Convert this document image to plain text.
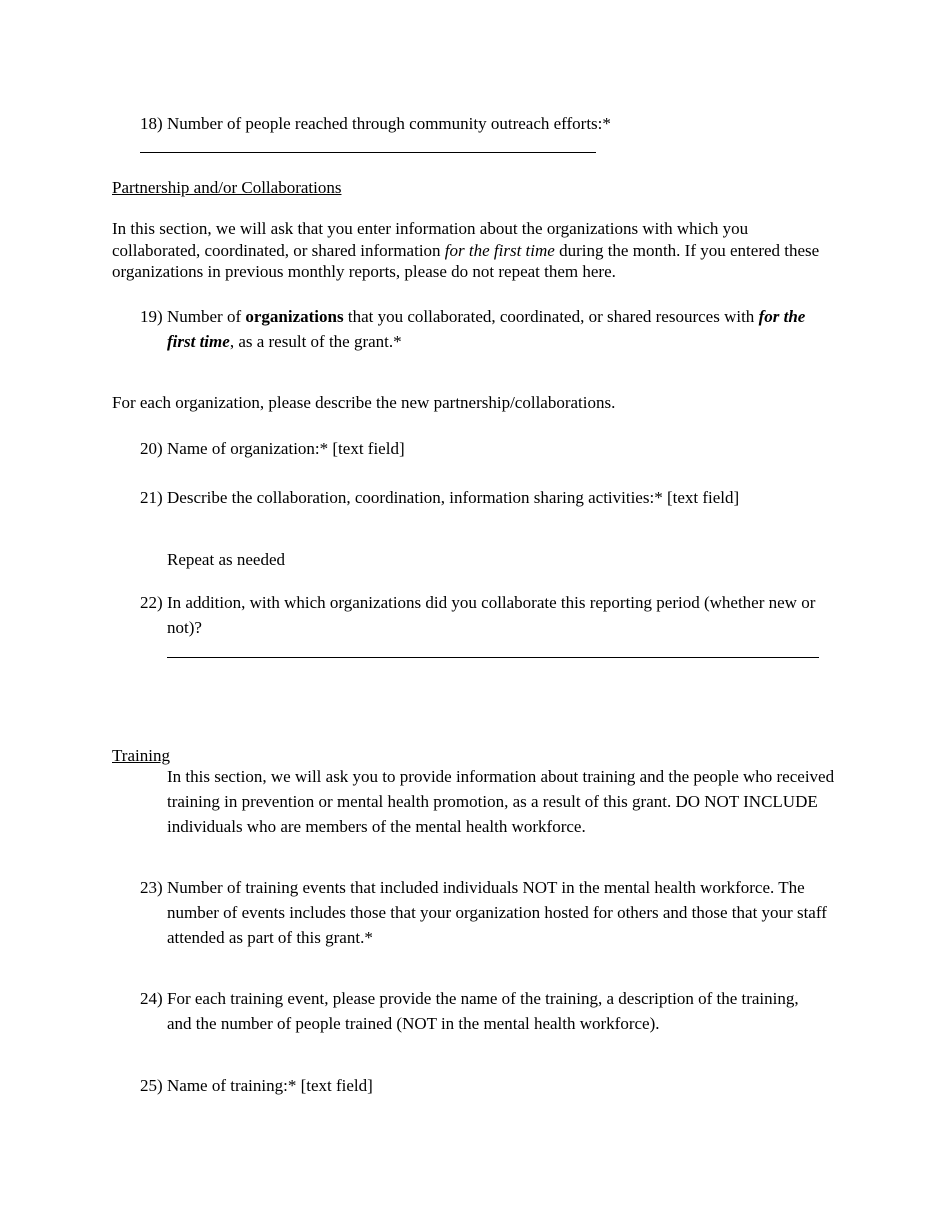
18) Number of people reached through community outreach efforts:*
Partnership and/or Collaborations
In this section, we will ask that you enter information about the organizations with which you collaborated, coordinated, or shared information for the first time during the month. If you entered these organizations in previous monthly reports, please do not repeat them here.
19) Number of organizations that you collaborated, coordinated, or shared resources with for the first time, as a result of the grant.*
For each organization, please describe the new partnership/collaborations.
20) Name of organization:* [text field]
21) Describe the collaboration, coordination, information sharing activities:* [text field]
Repeat as needed
22) In addition, with which organizations did you collaborate this reporting period (whether new or not)?
Training
In this section, we will ask you to provide information about training and the people who received training in prevention or mental health promotion, as a result of this grant. DO NOT INCLUDE individuals who are members of the mental health workforce.
23) Number of training events that included individuals NOT in the mental health workforce. The number of events includes those that your organization hosted for others and those that your staff attended as part of this grant.*
24) For each training event, please provide the name of the training, a description of the training, and the number of people trained (NOT in the mental health workforce).
25) Name of training:* [text field]
